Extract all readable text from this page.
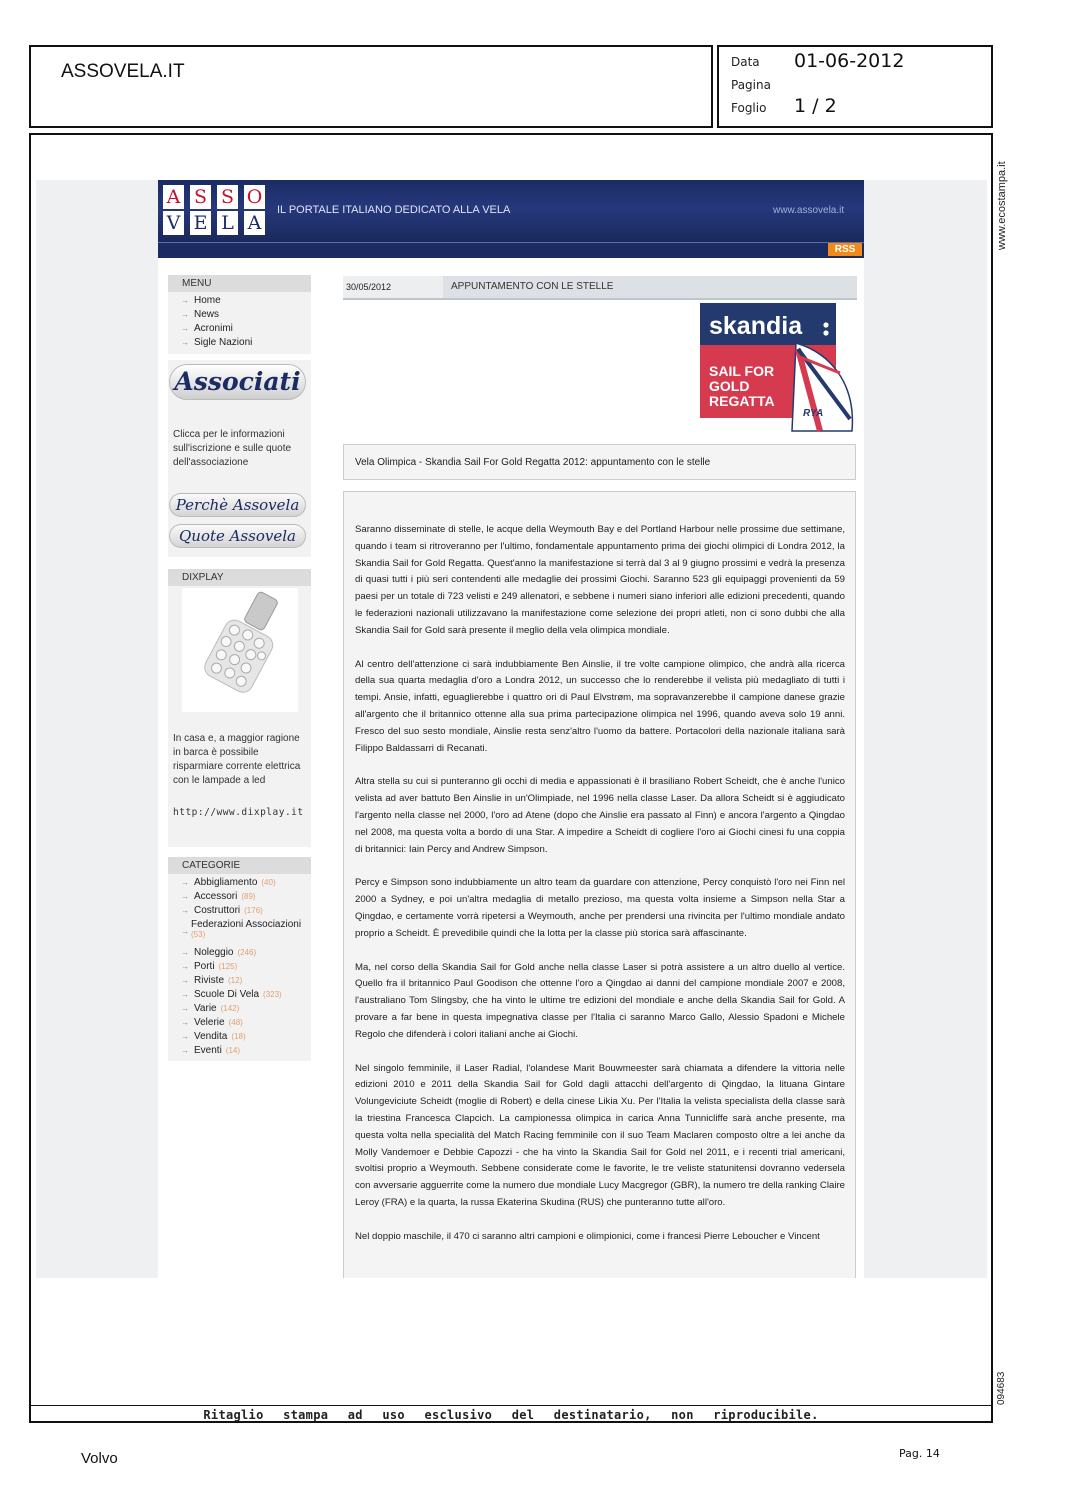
ASSOVELA.IT	Data 01-06-2012
Pagina
Foglio 1 / 2
www.ecostampa.it
A S S O
V E L A
IL PORTALE ITALIANO DEDICATO ALLA VELA	www.assovela.it
RSS
MENU
→ Home
→ News
→ Acronimi
→ Sigle Nazioni
Associati
Clicca per le informazioni
sull'iscrizione e sulle quote
dell'associazione
Perchè Assovela
Quote Assovela
DIXPLAY
In casa e, a maggior ragione
in barca è possibile
risparmiare corrente elettrica
con le lampade a led
http://www.dixplay.it
CATEGORIE
→ Abbigliamento (40)
→ Accessori (89)
→ Costruttori (176)
→
Federazioni Associazioni
(53)
→ Noleggio (246)
→ Porti (125)
→ Riviste (12)
→ Scuole Di Vela (323)
→ Varie (142)
→ Velerie (48)
→ Vendita (18)
→ Eventi (14)
30/05/2012	APPUNTAMENTO CON LE STELLE
skandia
SAIL FOR
GOLD
REGATTA
RYA
Vela Olimpica - Skandia Sail For Gold Regatta 2012: appuntamento con le stelle

Saranno disseminate di stelle, le acque della Weymouth Bay e del Portland Harbour nelle prossime due settimane, quando i team si ritroveranno per l'ultimo, fondamentale appuntamento prima dei giochi olimpici di Londra 2012, la Skandia Sail for Gold Regatta. Quest'anno la manifestazione si terrà dal 3 al 9 giugno prossimi e vedrà la presenza di quasi tutti i più seri contendenti alle medaglie dei prossimi Giochi. Saranno 523 gli equipaggi provenienti da 59 paesi per un totale di 723 velisti e 249 allenatori, e sebbene i numeri siano inferiori alle edizioni precedenti, quando le federazioni nazionali utilizzavano la manifestazione come selezione dei propri atleti, non ci sono dubbi che alla Skandia Sail for Gold sarà presente il meglio della vela olimpica mondiale.

Al centro dell'attenzione ci sarà indubbiamente Ben Ainslie, il tre volte campione olimpico, che andrà alla ricerca della sua quarta medaglia d'oro a Londra 2012, un successo che lo renderebbe il velista più medagliato di tutti i tempi. Ansie, infatti, eguaglierebbe i quattro ori di Paul Elvstrøm, ma sopravanzerebbe il campione danese grazie all'argento che il britannico ottenne alla sua prima partecipazione olimpica nel 1996, quando aveva solo 19 anni. Fresco del suo sesto mondiale, Ainslie resta senz'altro l'uomo da battere. Portacolori della nazionale italiana sarà Filippo Baldassarri di Recanati.

Altra stella su cui si punteranno gli occhi di media e appassionati è il brasiliano Robert Scheidt, che è anche l'unico velista ad aver battuto Ben Ainslie in un'Olimpiade, nel 1996 nella classe Laser. Da allora Scheidt si è aggiudicato l'argento nella classe nel 2000, l'oro ad Atene (dopo che Ainslie era passato al Finn) e ancora l'argento a Qingdao nel 2008, ma questa volta a bordo di una Star. A impedire a Scheidt di cogliere l'oro ai Giochi cinesi fu una coppia di britannici: Iain Percy and Andrew Simpson.

Percy e Simpson sono indubbiamente un altro team da guardare con attenzione, Percy conquistò l'oro nei Finn nel 2000 a Sydney, e poi un'altra medaglia di metallo prezioso, ma questa volta insieme a Simpson nella Star a Qingdao, e certamente vorrà ripetersi a Weymouth, anche per prendersi una rivincita per l'ultimo mondiale andato proprio a Scheidt. È prevedibile quindi che la lotta per la classe più storica sarà affascinante.

Ma, nel corso della Skandia Sail for Gold anche nella classe Laser si potrà assistere a un altro duello al vertice. Quello fra il britannico Paul Goodison che ottenne l'oro a Qingdao ai danni del campione mondiale 2007 e 2008, l'australiano Tom Slingsby, che ha vinto le ultime tre edizioni del mondiale e anche della Skandia Sail for Gold. A provare a far bene in questa impegnativa classe per l'Italia ci saranno Marco Gallo, Alessio Spadoni e Michele Regolo che difenderà i colori italiani anche ai Giochi.

Nel singolo femminile, il Laser Radial, l'olandese Marit Bouwmeester sarà chiamata a difendere la vittoria nelle edizioni 2010 e 2011 della Skandia Sail for Gold dagli attacchi dell'argento di Qingdao, la lituana Gintare Volungeviciute Scheidt (moglie di Robert) e della cinese Likia Xu. Per l'Italia la velista specialista della classe sarà la triestina Francesca Clapcich. La campionessa olimpica in carica Anna Tunnicliffe sarà anche presente, ma questa volta nella specialità del Match Racing femminile con il suo Team Maclaren composto oltre a lei anche da Molly Vandemoer e Debbie Capozzi - che ha vinto la Skandia Sail for Gold nel 2011, e i recenti trial americani, svoltisi proprio a Weymouth. Sebbene considerate come le favorite, le tre veliste statunitensi dovranno vedersela con avversarie agguerrite come la numero due mondiale Lucy Macgregor (GBR), la numero tre della ranking Claire Leroy (FRA) e la quarta, la russa Ekaterina Skudina (RUS) che punteranno tutte all'oro.

Nel doppio maschile, il 470 ci saranno altri campioni e olimpionici, come i francesi Pierre Leboucher e Vincent

094683
Ritaglio stampa ad uso esclusivo del destinatario, non riproducibile.
Volvo	Pag. 14
